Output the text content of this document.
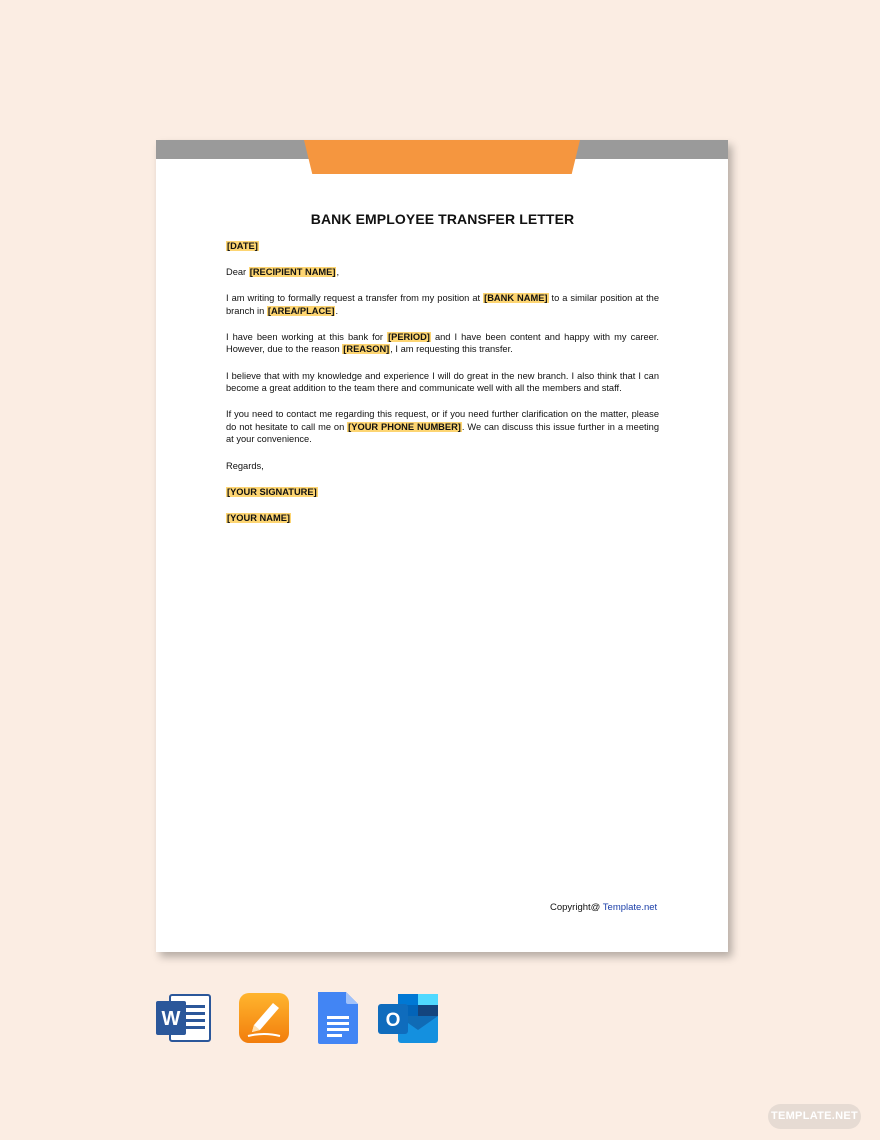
BANK EMPLOYEE TRANSFER LETTER

[DATE]

Dear [RECIPIENT NAME],

I am writing to formally request a transfer from my position at [BANK NAME] to a similar position at the branch in [AREA/PLACE].

I have been working at this bank for [PERIOD] and I have been content and happy with my career. However, due to the reason [REASON], I am requesting this transfer.

I believe that with my knowledge and experience I will do great in the new branch. I also think that I can become a great addition to the team there and communicate well with all the members and staff.

If you need to contact me regarding this request, or if you need further clarification on the matter, please do not hesitate to call me on [YOUR PHONE NUMBER]. We can discuss this issue further in a meeting at your convenience.

Regards,

[YOUR SIGNATURE]

[YOUR NAME]

Copyright@ Template.net
W	O
TEMPLATE.NET
